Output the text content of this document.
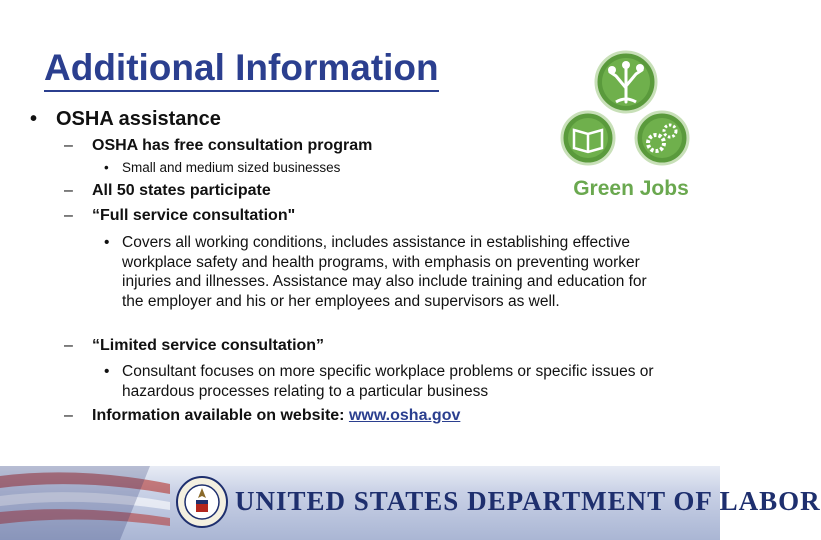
Additional Information
Green Jobs
• OSHA assistance
– OSHA has free consultation program
• Small and medium sized businesses
– All 50 states participate
– “Full service consultation"
• Covers all working conditions, includes assistance in establishing effective workplace safety and health programs, with emphasis on preventing worker injuries and illnesses. Assistance may also include training and education for the employer and his or her employees and supervisors as well.
– “Limited service consultation”
• Consultant focuses on more specific workplace problems or specific issues or hazardous processes relating to a particular business
– Information available on website: www.osha.gov
UNITED STATES DEPARTMENT OF LABOR
